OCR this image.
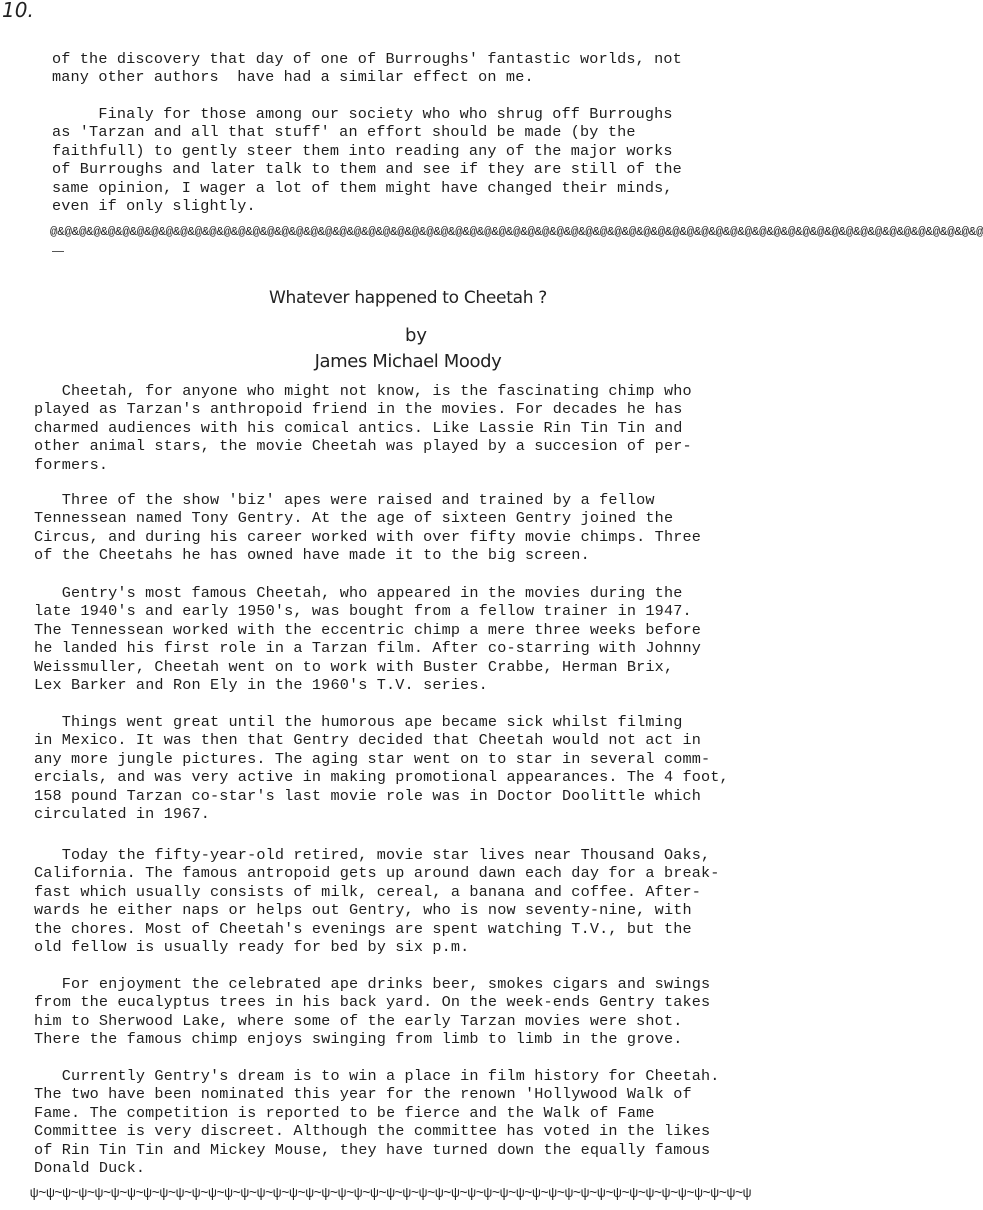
10.

of the discovery that day of one of Burroughs' fantastic worlds, not
many other authors  have had a similar effect on me.

Finaly for those among our society who who shrug off Burroughs
as 'Tarzan and all that stuff' an effort should be made (by the
faithfull) to gently steer them into reading any of the major works
of Burroughs and later talk to them and see if they are still of the
same opinion, I wager a lot of them might have changed their minds,
even if only slightly.

@&@&@&@&@&@&@&@&@&@&@&@&@&@&@&@&@&@&@&@&@&@&@&@&@&@&@&@&@&@&@&@&@&@&@&@&@&@&@&@&@&@&@&@&@&@&@&@&@&@&@&@&@&@&@&@&@&@&@&@&@&@&@&@&@
Whatever happened to Cheetah ?
by
James Michael Moody

Cheetah, for anyone who might not know, is the fascinating chimp who
played as Tarzan's anthropoid friend in the movies. For decades he has
charmed audiences with his comical antics. Like Lassie Rin Tin Tin and
other animal stars, the movie Cheetah was played by a succesion of per-
formers.

Three of the show 'biz' apes were raised and trained by a fellow
Tennessean named Tony Gentry. At the age of sixteen Gentry joined the
Circus, and during his career worked with over fifty movie chimps. Three
of the Cheetahs he has owned have made it to the big screen.

Gentry's most famous Cheetah, who appeared in the movies during the
late 1940's and early 1950's, was bought from a fellow trainer in 1947.
The Tennessean worked with the eccentric chimp a mere three weeks before
he landed his first role in a Tarzan film. After co-starring with Johnny
Weissmuller, Cheetah went on to work with Buster Crabbe, Herman Brix,
Lex Barker and Ron Ely in the 1960's T.V. series.

Things went great until the humorous ape became sick whilst filming
in Mexico. It was then that Gentry decided that Cheetah would not act in
any more jungle pictures. The aging star went on to star in several comm-
ercials, and was very active in making promotional appearances. The 4 foot,
158 pound Tarzan co-star's last movie role was in Doctor Doolittle which
circulated in 1967.

Today the fifty-year-old retired, movie star lives near Thousand Oaks,
California. The famous antropoid gets up around dawn each day for a break-
fast which usually consists of milk, cereal, a banana and coffee. After-
wards he either naps or helps out Gentry, who is now seventy-nine, with
the chores. Most of Cheetah's evenings are spent watching T.V., but the
old fellow is usually ready for bed by six p.m.

For enjoyment the celebrated ape drinks beer, smokes cigars and swings
from the eucalyptus trees in his back yard. On the week-ends Gentry takes
him to Sherwood Lake, where some of the early Tarzan movies were shot.
There the famous chimp enjoys swinging from limb to limb in the grove.

Currently Gentry's dream is to win a place in film history for Cheetah.
The two have been nominated this year for the renown 'Hollywood Walk of
Fame. The competition is reported to be fierce and the Walk of Fame
Committee is very discreet. Although the committee has voted in the likes
of Rin Tin Tin and Mickey Mouse, they have turned down the equally famous
Donald Duck.

ψ~ψ~ψ~ψ~ψ~ψ~ψ~ψ~ψ~ψ~ψ~ψ~ψ~ψ~ψ~ψ~ψ~ψ~ψ~ψ~ψ~ψ~ψ~ψ~ψ~ψ~ψ~ψ~ψ~ψ~ψ~ψ~ψ~ψ~ψ~ψ~ψ~ψ~ψ~ψ~ψ~ψ~ψ~ψ~ψ
